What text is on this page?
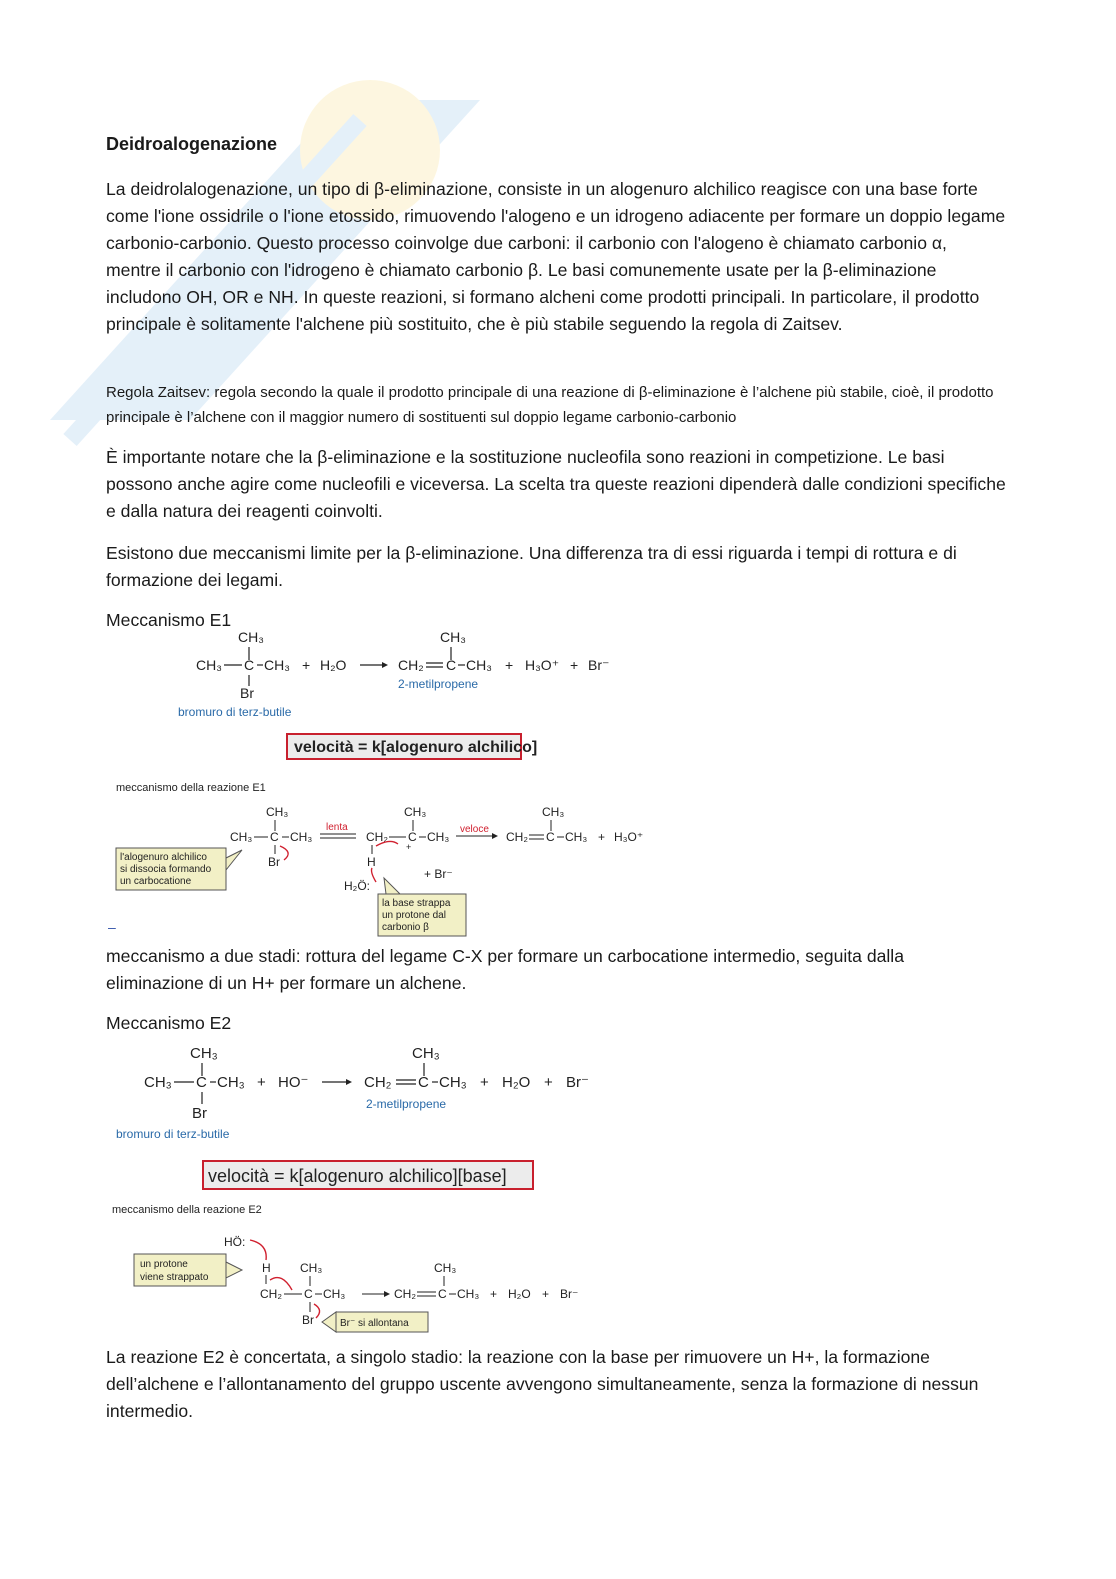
Deidroalogenazione

La deidrolalogenazione, un tipo di β-eliminazione, consiste in un alogenuro alchilico reagisce con una base forte come l'ione ossidrile o l'ione etossido, rimuovendo l'alogeno e un idrogeno adiacente per formare un doppio legame carbonio-carbonio. Questo processo coinvolge due carboni: il carbonio con l'alogeno è chiamato carbonio α, mentre il carbonio con l'idrogeno è chiamato carbonio β. Le basi comunemente usate per la β-eliminazione includono OH, OR e NH. In queste reazioni, si formano alcheni come prodotti principali. In particolare, il prodotto principale è solitamente l'alchene più sostituito, che è più stabile seguendo la regola di Zaitsev.

Regola Zaitsev: regola secondo la quale il prodotto principale di una reazione di β-eliminazione è l’alchene più stabile, cioè, il prodotto principale è l’alchene con il maggior numero di sostituenti sul doppio legame carbonio-carbonio

È importante notare che la β-eliminazione e la sostituzione nucleofila sono reazioni in competizione. Le basi possono anche agire come nucleofili e viceversa. La scelta tra queste reazioni dipenderà dalle condizioni specifiche e dalla natura dei reagenti coinvolti.

Esistono due meccanismi limite per la β-eliminazione. Una differenza tra di essi riguarda i tempi di rottura e di formazione dei legami.

Meccanismo E1
CH₃
CH₃ C CH₃
Br
+ H₂O
CH₃
CH₂ C CH₃ + H₃O⁺ + Br⁻
2-metilpropene
bromuro di terz-butile
velocità = k[alogenuro alchilico]
meccanismo della reazione E1
CH₃
CH₃ C CH₃
Br
lenta
CH₃
CH₂ C
+
CH₃
H
veloce
CH₃
CH₂ C CH₃ + H₃O⁺
H₂Ö:
+ Br⁻
l'alogenuro alchilico
si dissocia formando
un carbocatione
la base strappa
un protone dal
carbonio β
–

meccanismo a due stadi: rottura del legame C-X per formare un carbocatione intermedio, seguita dalla eliminazione di un H+ per formare un alchene.

Meccanismo E2
CH₃
CH₃ C CH₃
Br
+ HO⁻
CH₃
CH₂ C CH₃ + H₂O + Br⁻
2-metilpropene
bromuro di terz-butile
velocità = k[alogenuro alchilico][base]
meccanismo della reazione E2
HÖ:
H CH₃
CH₂ C CH₃
Br
CH₃
CH₂ C CH₃ + H₂O + Br⁻
un protone
viene strappato
Br⁻ si allontana

La reazione E2 è concertata, a singolo stadio: la reazione con la base per rimuovere un H+, la formazione dell’alchene e l’allontanamento del gruppo uscente avvengono simultaneamente, senza la formazione di nessun intermedio.
